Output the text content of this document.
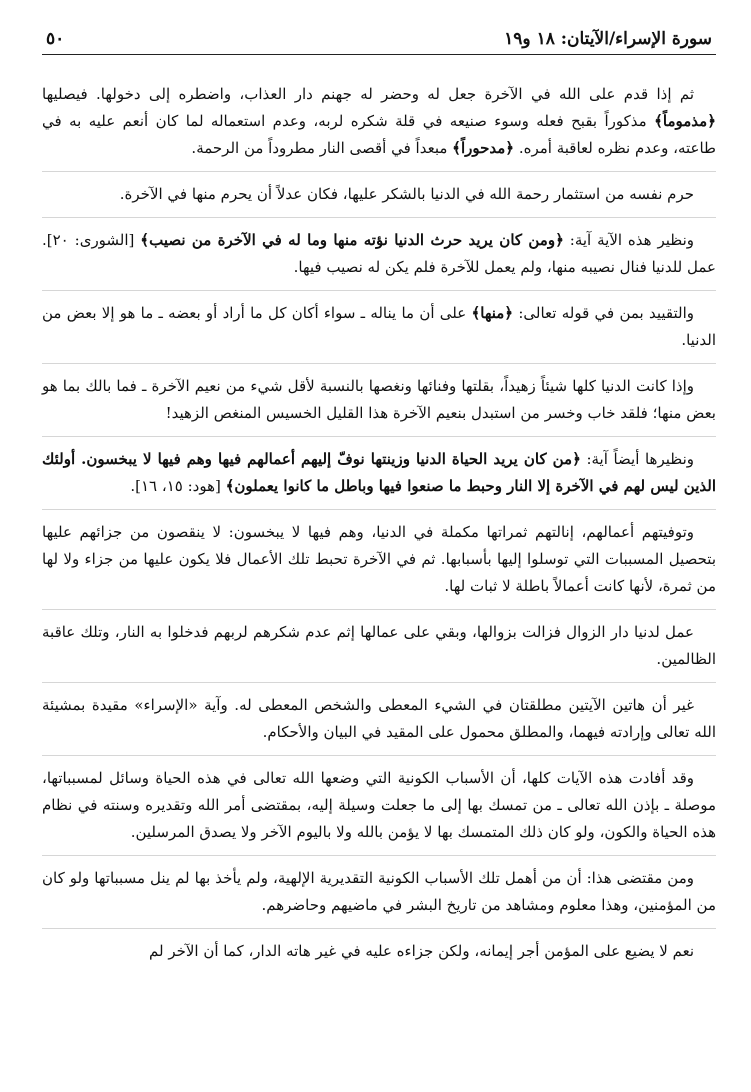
سورة الإسراء/الآيتان: ١٨ و١٩
٥٠

ثم إذا قدم على الله في الآخرة جعل له وحضر له جهنم دار العذاب، واضطره إلى دخولها. فيصليها ﴿مذموماً﴾ مذكوراً بقبح فعله وسوء صنيعه في قلة شكره لربه، وعدم استعماله لما كان أنعم عليه به في طاعته، وعدم نظره لعاقبة أمره. ﴿مدحوراً﴾ مبعداً في أقصى النار مطروداً من الرحمة.

حرم نفسه من استثمار رحمة الله في الدنيا بالشكر عليها، فكان عدلاً أن يحرم منها في الآخرة.

ونظير هذه الآية آية: ﴿ومن كان يريد حرث الدنيا نؤته منها وما له في الآخرة من نصيب﴾ [الشورى: ٢٠]. عمل للدنيا فنال نصيبه منها، ولم يعمل للآخرة فلم يكن له نصيب فيها.

والتقييد بمن في قوله تعالى: ﴿منها﴾ على أن ما يناله ـ سواء أكان كل ما أراد أو بعضه ـ ما هو إلا بعض من الدنيا.

وإذا كانت الدنيا كلها شيئاً زهيداً، بقلتها وفنائها ونغصها بالنسبة لأقل شيء من نعيم الآخرة ـ فما بالك بما هو بعض منها؛ فلقد خاب وخسر من استبدل بنعيم الآخرة هذا القليل الخسيس المنغص الزهيد!

ونظيرها أيضاً آية: ﴿من كان يريد الحياة الدنيا وزينتها نوفّ إليهم أعمالهم فيها وهم فيها لا يبخسون. أولئك الذين ليس لهم في الآخرة إلا النار وحبط ما صنعوا فيها وباطل ما كانوا يعملون﴾ [هود: ١٥، ١٦].

وتوفيتهم أعمالهم، إنالتهم ثمراتها مكملة في الدنيا، وهم فيها لا يبخسون: لا ينقصون من جزائهم عليها بتحصيل المسببات التي توسلوا إليها بأسبابها. ثم في الآخرة تحبط تلك الأعمال فلا يكون عليها من جزاء ولا لها من ثمرة، لأنها كانت أعمالاً باطلة لا ثبات لها.

عمل لدنيا دار الزوال فزالت بزوالها، وبقي على عمالها إثم عدم شكرهم لربهم فدخلوا به النار، وتلك عاقبة الظالمين.

غير أن هاتين الآيتين مطلقتان في الشيء المعطى والشخص المعطى له. وآية «الإسراء» مقيدة بمشيئة الله تعالى وإرادته فيهما، والمطلق محمول على المقيد في البيان والأحكام.

وقد أفادت هذه الآيات كلها، أن الأسباب الكونية التي وضعها الله تعالى في هذه الحياة وسائل لمسبباتها، موصلة ـ بإذن الله تعالى ـ من تمسك بها إلى ما جعلت وسيلة إليه، بمقتضى أمر الله وتقديره وسنته في نظام هذه الحياة والكون، ولو كان ذلك المتمسك بها لا يؤمن بالله ولا باليوم الآخر ولا يصدق المرسلين.

ومن مقتضى هذا: أن من أهمل تلك الأسباب الكونية التقديرية الإلهية، ولم يأخذ بها لم ينل مسبباتها ولو كان من المؤمنين، وهذا معلوم ومشاهد من تاريخ البشر في ماضيهم وحاضرهم.

نعم لا يضيع على المؤمن أجر إيمانه، ولكن جزاءه عليه في غير هاته الدار، كما أن الآخر لم
